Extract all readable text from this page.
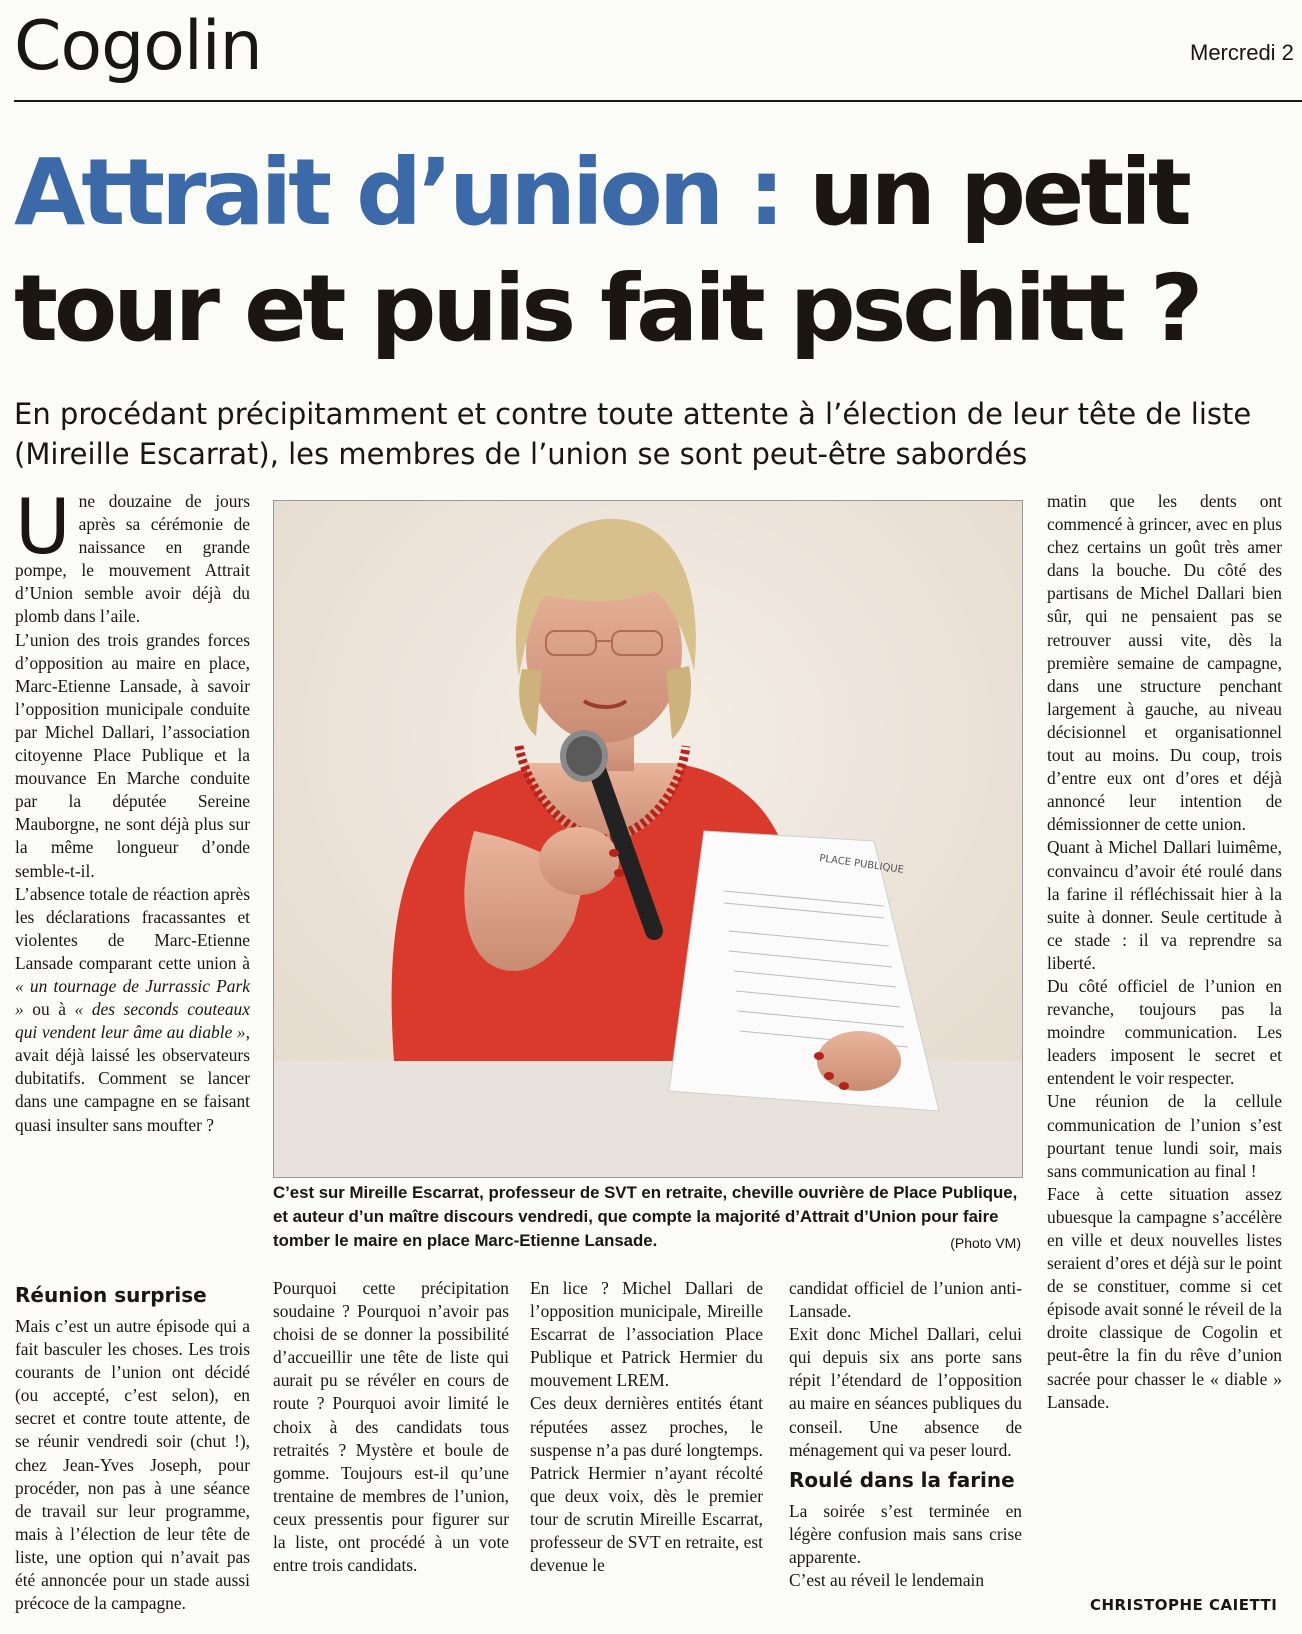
Cogolin	Mercredi 2
Attrait d’union : un petit tour et puis fait pschitt ?

En procédant précipitamment et contre toute attente à l’élection de leur tête de liste (Mireille Escarrat), les membres de l’union se sont peut-être sabordés

Une douzaine de jours après sa cérémonie de naissance en grande pompe, le mouvement Attrait d’Union semble avoir déjà du plomb dans l’aile.

L’union des trois grandes forces d’opposition au maire en place, Marc-Etienne Lansade, à savoir l’opposition municipale conduite par Michel Dallari, l’association citoyenne Place Publique et la mouvance En Marche conduite par la députée Sereine Mauborgne, ne sont déjà plus sur la même longueur d’onde semble-t-il.

L’absence totale de réaction après les déclarations fracassantes et violentes de Marc-Etienne Lansade comparant cette union à « un tournage de Jurrassic Park » ou à « des seconds couteaux qui vendent leur âme au diable », avait déjà laissé les observateurs dubitatifs. Comment se lancer dans une campagne en se faisant quasi insulter sans moufter ?

Réunion surprise

Mais c’est un autre épisode qui a fait basculer les choses. Les trois courants de l’union ont décidé (ou accepté, c’est selon), en secret et contre toute attente, de se réunir vendredi soir (chut !), chez Jean-Yves Joseph, pour procéder, non pas à une séance de travail sur leur programme, mais à l’élection de leur tête de liste, une option qui n’avait pas été annoncée pour un stade aussi précoce de la campagne.

PLACE PUBLIQUE

C’est sur Mireille Escarrat, professeur de SVT en retraite, cheville ouvrière de Place Publique, et auteur d’un maître discours vendredi, que compte la majorité d’Attrait d’Union pour faire tomber le maire en place Marc-Etienne Lansade.	(Photo VM)

Pourquoi cette précipitation soudaine ? Pourquoi n’avoir pas choisi de se donner la possibilité d’accueillir une tête de liste qui aurait pu se révéler en cours de route ? Pourquoi avoir limité le choix à des candidats tous retraités ? Mystère et boule de gomme. Toujours est-il qu’une trentaine de membres de l’union, ceux pressentis pour figurer sur la liste, ont procédé à un vote entre trois candidats.

En lice ? Michel Dallari de l’opposition municipale, Mireille Escarrat de l’association Place Publique et Patrick Hermier du mouvement LREM.

Ces deux dernières entités étant réputées assez proches, le suspense n’a pas duré longtemps. Patrick Hermier n’ayant récolté que deux voix, dès le premier tour de scrutin Mireille Escarrat, professeur de SVT en retraite, est devenue le

candidat officiel de l’union anti-Lansade.

Exit donc Michel Dallari, celui qui depuis six ans porte sans répit l’étendard de l’opposition au maire en séances publiques du conseil. Une absence de ménagement qui va peser lourd.

Roulé dans la farine

La soirée s’est terminée en légère confusion mais sans crise apparente.

C’est au réveil le lendemain

matin que les dents ont commencé à grincer, avec en plus chez certains un goût très amer dans la bouche. Du côté des partisans de Michel Dallari bien sûr, qui ne pensaient pas se retrouver aussi vite, dès la première semaine de campagne, dans une structure penchant largement à gauche, au niveau décisionnel et organisationnel tout au moins. Du coup, trois d’entre eux ont d’ores et déjà annoncé leur intention de démissionner de cette union.

Quant à Michel Dallari luimême, convaincu d’avoir été roulé dans la farine il réfléchissait hier à la suite à donner. Seule certitude à ce stade : il va reprendre sa liberté.

Du côté officiel de l’union en revanche, toujours pas la moindre communication. Les leaders imposent le secret et entendent le voir respecter.

Une réunion de la cellule communication de l’union s’est pourtant tenue lundi soir, mais sans communication au final !

Face à cette situation assez ubuesque la campagne s’accélère en ville et deux nouvelles listes seraient d’ores et déjà sur le point de se constituer, comme si cet épisode avait sonné le réveil de la droite classique de Cogolin et peut-être la fin du rêve d’union sacrée pour chasser le « diable » Lansade.

CHRISTOPHE CAIETTI
